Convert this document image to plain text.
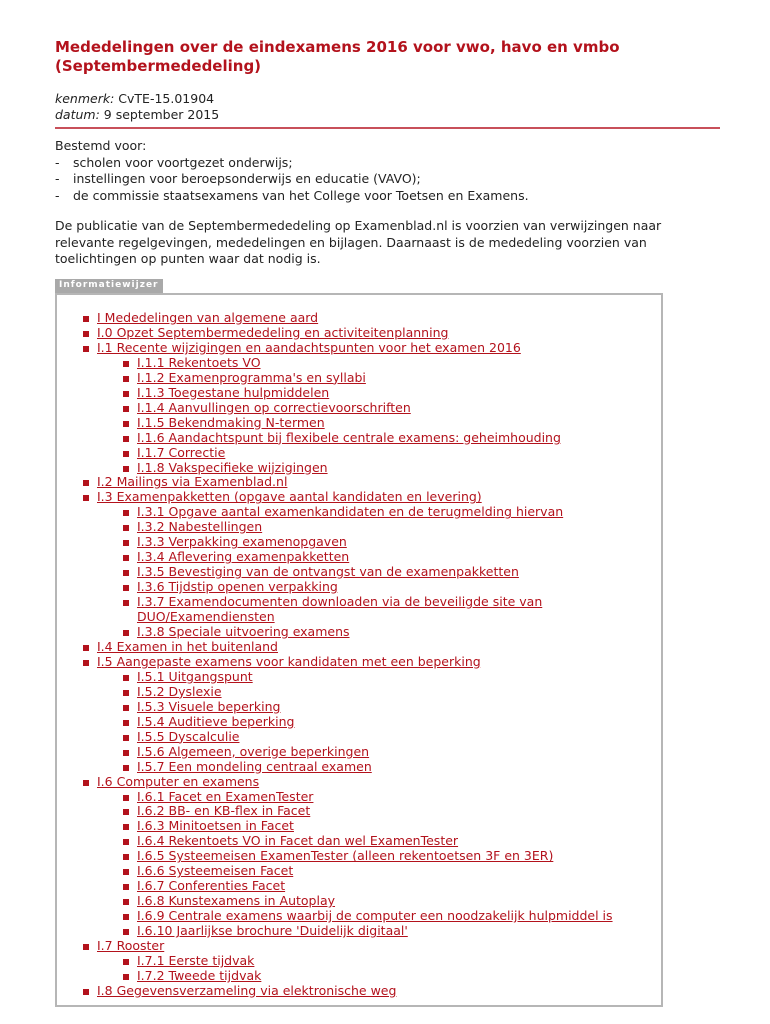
Mededelingen over de eindexamens 2016 voor vwo, havo en vmbo
(Septembermededeling)
kenmerk: CvTE-15.01904
datum: 9 september 2015
Bestemd voor:
-	scholen voor voortgezet onderwijs;
-	instellingen voor beroepsonderwijs en educatie (VAVO);
-	de commissie staatsexamens van het College voor Toetsen en Examens.
De publicatie van de Septembermededeling op Examenblad.nl is voorzien van verwijzingen naar relevante regelgevingen, mededelingen en bijlagen. Daarnaast is de mededeling voorzien van toelichtingen op punten waar dat nodig is.
Informatiewijzer
I Mededelingen van algemene aard
I.0 Opzet Septembermededeling en activiteitenplanning
I.1 Recente wijzigingen en aandachtspunten voor het examen 2016
I.1.1 Rekentoets VO
I.1.2 Examenprogramma's en syllabi
I.1.3 Toegestane hulpmiddelen
I.1.4 Aanvullingen op correctievoorschriften
I.1.5 Bekendmaking N-termen
I.1.6 Aandachtspunt bij flexibele centrale examens: geheimhouding
I.1.7 Correctie
I.1.8 Vakspecifieke wijzigingen
I.2 Mailings via Examenblad.nl
I.3 Examenpakketten (opgave aantal kandidaten en levering)
I.3.1 Opgave aantal examenkandidaten en de terugmelding hiervan
I.3.2 Nabestellingen
I.3.3 Verpakking examenopgaven
I.3.4 Aflevering examenpakketten
I.3.5 Bevestiging van de ontvangst van de examenpakketten
I.3.6 Tijdstip openen verpakking
I.3.7 Examendocumenten downloaden via de beveiligde site van DUO/Examendiensten
I.3.8 Speciale uitvoering examens
I.4 Examen in het buitenland
I.5 Aangepaste examens voor kandidaten met een beperking
I.5.1 Uitgangspunt
I.5.2 Dyslexie
I.5.3 Visuele beperking
I.5.4 Auditieve beperking
I.5.5 Dyscalculie
I.5.6 Algemeen, overige beperkingen
I.5.7 Een mondeling centraal examen
I.6 Computer en examens
I.6.1 Facet en ExamenTester
I.6.2 BB- en KB-flex in Facet
I.6.3 Minitoetsen in Facet
I.6.4 Rekentoets VO in Facet dan wel ExamenTester
I.6.5 Systeemeisen ExamenTester (alleen rekentoetsen 3F en 3ER)
I.6.6 Systeemeisen Facet
I.6.7 Conferenties Facet
I.6.8 Kunstexamens in Autoplay
I.6.9 Centrale examens waarbij de computer een noodzakelijk hulpmiddel is
I.6.10 Jaarlijkse brochure 'Duidelijk digitaal'
I.7 Rooster
I.7.1 Eerste tijdvak
I.7.2 Tweede tijdvak
I.8 Gegevensverzameling via elektronische weg
